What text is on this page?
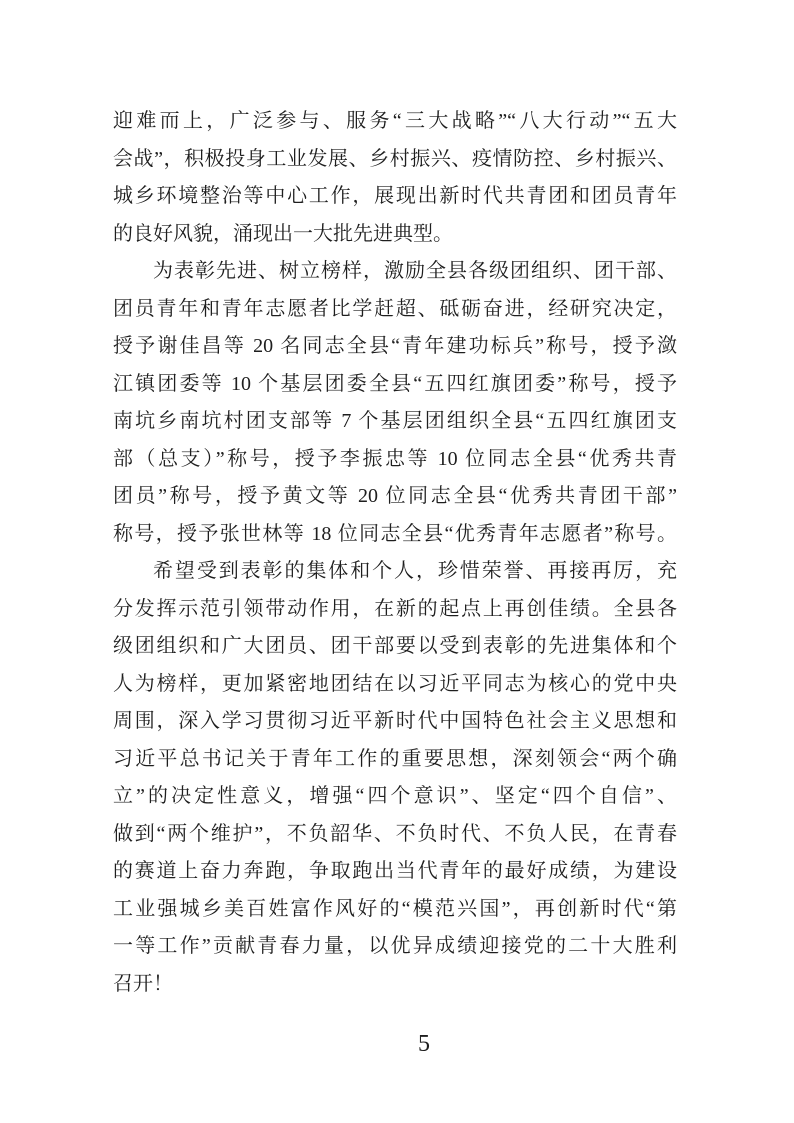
迎难而上，广泛参与、服务“三大战略”“八大行动”“五大
会战”，积极投身工业发展、乡村振兴、疫情防控、乡村振兴、
城乡环境整治等中心工作，展现出新时代共青团和团员青年
的良好风貌，涌现出一大批先进典型。
为表彰先进、树立榜样，激励全县各级团组织、团干部、
团员青年和青年志愿者比学赶超、砥砺奋进，经研究决定，
授予谢佳昌等 20 名同志全县“青年建功标兵”称号，授予潋
江镇团委等 10 个基层团委全县“五四红旗团委”称号，授予
南坑乡南坑村团支部等 7 个基层团组织全县“五四红旗团支
部（总支）”称号，授予李振忠等 10 位同志全县“优秀共青
团员”称号，授予黄文等 20 位同志全县“优秀共青团干部”
称号，授予张世林等 18 位同志全县“优秀青年志愿者”称号。
希望受到表彰的集体和个人，珍惜荣誉、再接再厉，充
分发挥示范引领带动作用，在新的起点上再创佳绩。全县各
级团组织和广大团员、团干部要以受到表彰的先进集体和个
人为榜样，更加紧密地团结在以习近平同志为核心的党中央
周围，深入学习贯彻习近平新时代中国特色社会主义思想和
习近平总书记关于青年工作的重要思想，深刻领会“两个确
立”的决定性意义，增强“四个意识”、坚定“四个自信”、
做到“两个维护”，不负韶华、不负时代、不负人民，在青春
的赛道上奋力奔跑，争取跑出当代青年的最好成绩，为建设
工业强城乡美百姓富作风好的“模范兴国”，再创新时代“第
一等工作”贡献青春力量，以优异成绩迎接党的二十大胜利
召开！
5
